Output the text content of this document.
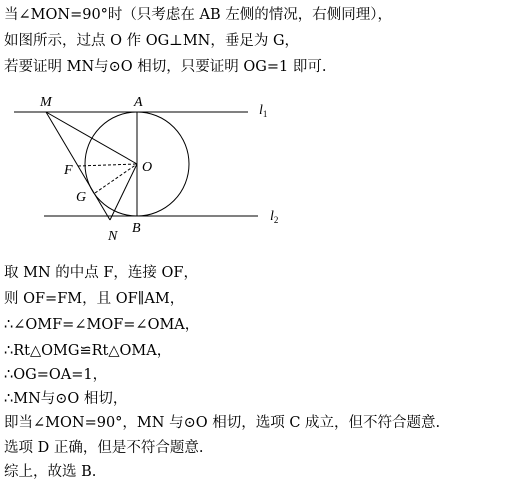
当∠MON=90°时（只考虑在 AB 左侧的情况，右侧同理），
如图所示，过点 O 作 OG⊥MN，垂足为 G，
若要证明 MN与⊙O 相切，只要证明 OG=1 即可.
M	A
$l_1$
F	O
G
$l_2$
N
B
取 MN 的中点 F，连接 OF，
则 OF=FM，且 OF∥AM，
∴∠OMF=∠MOF=∠OMA，
∴Rt△OMG≌Rt△OMA，
∴OG=OA=1，
∴MN与⊙O 相切，
即当∠MON=90°，MN 与⊙O 相切，选项 C 成立，但不符合题意.
选项 D 正确，但是不符合题意.
综上，故选 B.
